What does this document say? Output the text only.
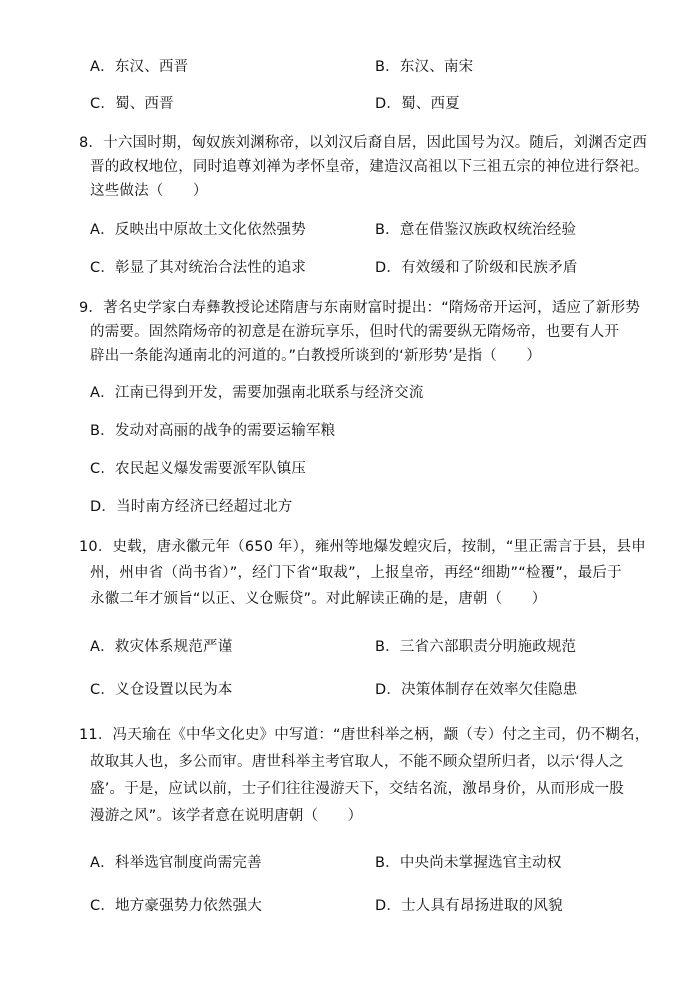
A．东汉、西晋	B．东汉、南宋
C．蜀、西晋	D．蜀、西夏
8．十六国时期，匈奴族刘渊称帝，以刘汉后裔自居，因此国号为汉。随后，刘渊否定西
晋的政权地位，同时追尊刘禅为孝怀皇帝，建造汉高祖以下三祖五宗的神位进行祭祀。
这些做法（　　）
A．反映出中原故土文化依然强势	B．意在借鉴汉族政权统治经验
C．彰显了其对统治合法性的追求	D．有效缓和了阶级和民族矛盾
9．著名史学家白寿彝教授论述隋唐与东南财富时提出：“隋炀帝开运河，适应了新形势
的需要。固然隋炀帝的初意是在游玩享乐，但时代的需要纵无隋炀帝，也要有人开
辟出一条能沟通南北的河道的。”白教授所谈到的‘新形势’是指（　　）
A．江南已得到开发，需要加强南北联系与经济交流
B．发动对高丽的战争的需要运输军粮
C．农民起义爆发需要派军队镇压
D．当时南方经济已经超过北方
10．史载，唐永徽元年（650 年），雍州等地爆发蝗灾后，按制，“里正需言于县，县申
州，州申省（尚书省）”，经门下省“取裁”，上报皇帝，再经“细勘”“检覆”，最后于
永徽二年才颁旨“以正、义仓赈贷”。对此解读正确的是，唐朝（　　）
A．救灾体系规范严谨	B．三省六部职责分明施政规范
C．义仓设置以民为本	D．决策体制存在效率欠佳隐患
11．冯天瑜在《中华文化史》中写道：“唐世科举之柄，颛（专）付之主司，仍不糊名，
故取其人也，多公而审。唐世科举主考官取人，不能不顾众望所归者，以示‘得人之
盛’。于是，应试以前，士子们往往漫游天下，交结名流，激昂身价，从而形成一股
漫游之风”。该学者意在说明唐朝（　　）
A．科举选官制度尚需完善	B．中央尚未掌握选官主动权
C．地方豪强势力依然强大	D．士人具有昂扬进取的风貌
